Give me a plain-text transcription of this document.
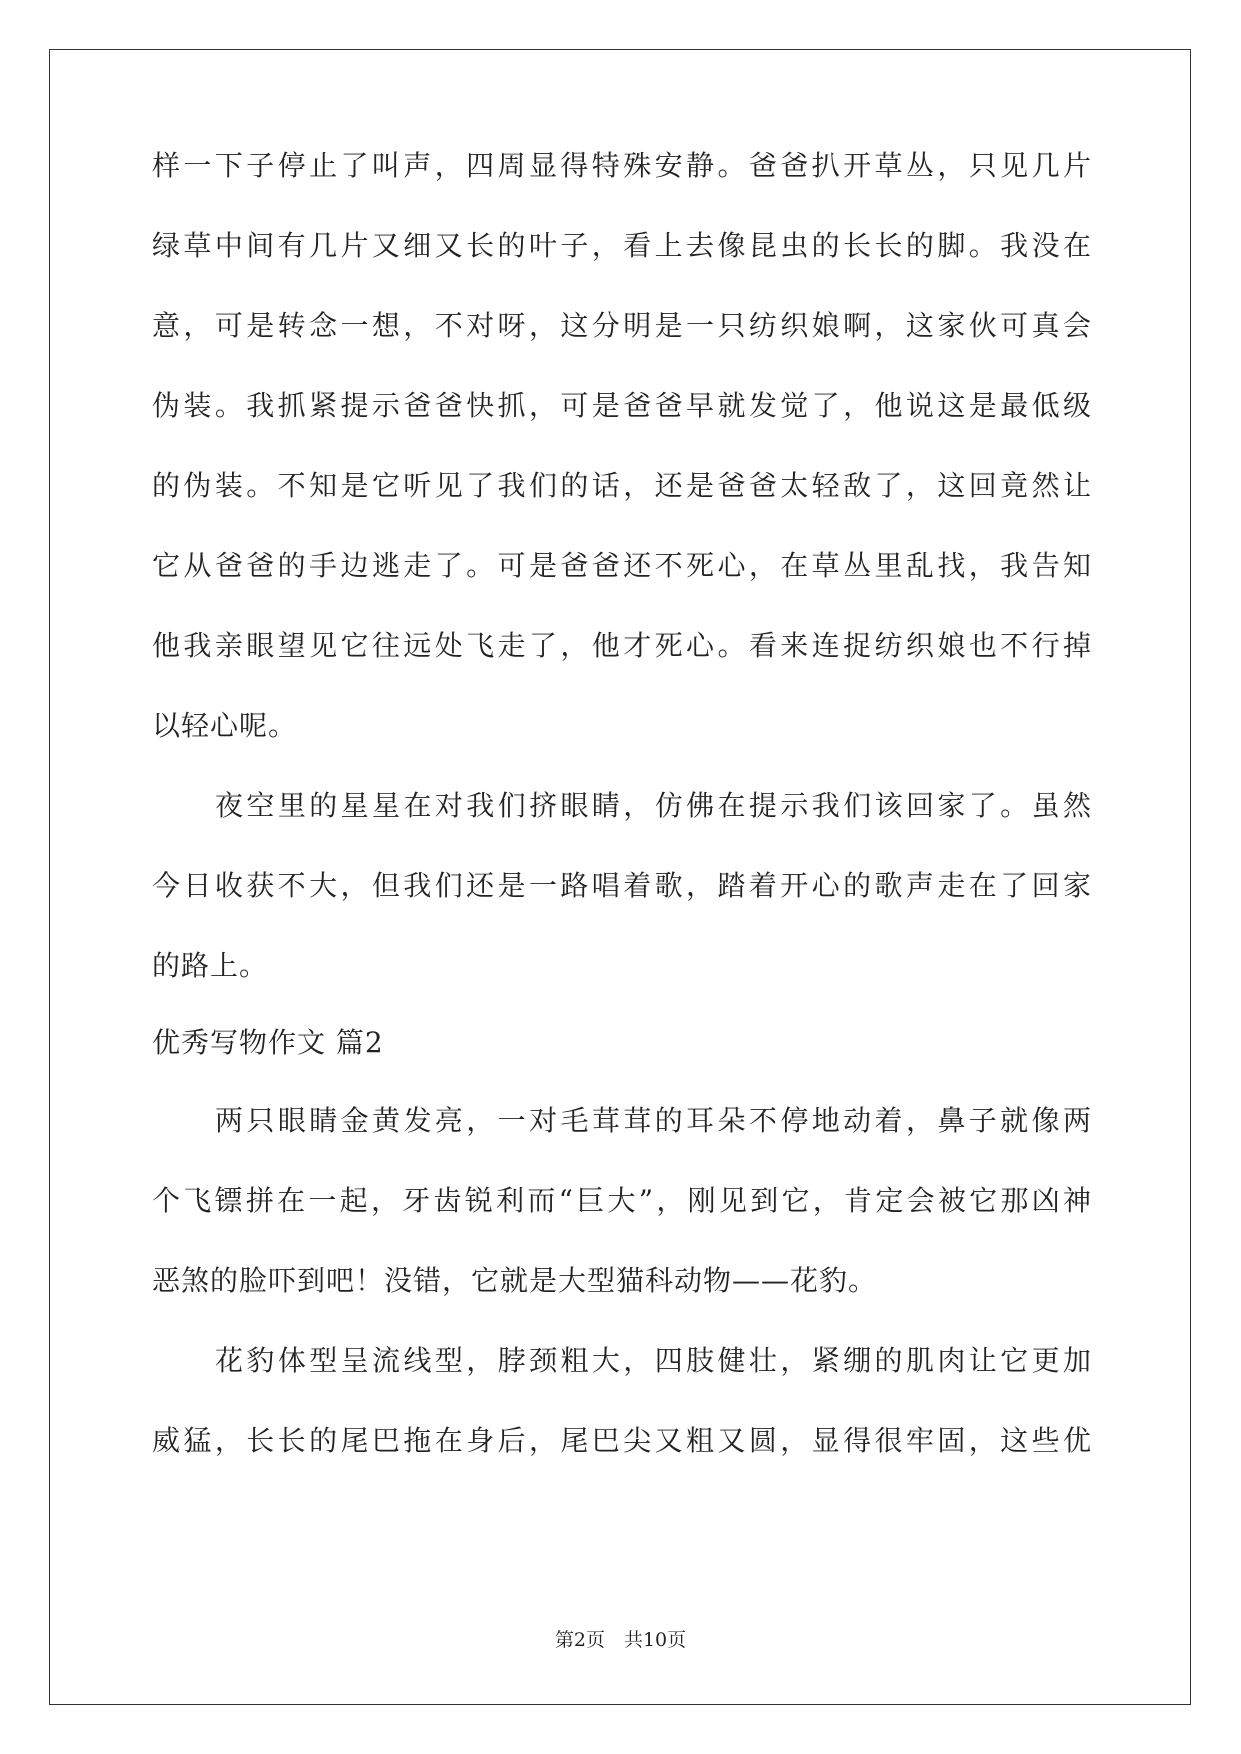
样一下子停止了叫声，四周显得特殊安静。爸爸扒开草丛，只见几片
绿草中间有几片又细又长的叶子，看上去像昆虫的长长的脚。我没在
意，可是转念一想，不对呀，这分明是一只纺织娘啊，这家伙可真会
伪装。我抓紧提示爸爸快抓，可是爸爸早就发觉了，他说这是最低级
的伪装。不知是它听见了我们的话，还是爸爸太轻敌了，这回竟然让
它从爸爸的手边逃走了。可是爸爸还不死心，在草丛里乱找，我告知
他我亲眼望见它往远处飞走了，他才死心。看来连捉纺织娘也不行掉
以轻心呢。
夜空里的星星在对我们挤眼睛，仿佛在提示我们该回家了。虽然
今日收获不大，但我们还是一路唱着歌，踏着开心的歌声走在了回家
的路上。
优秀写物作文 篇2
两只眼睛金黄发亮，一对毛茸茸的耳朵不停地动着，鼻子就像两
个飞镖拼在一起，牙齿锐利而“巨大”，刚见到它，肯定会被它那凶神
恶煞的脸吓到吧！没错，它就是大型猫科动物——花豹。
花豹体型呈流线型，脖颈粗大，四肢健壮，紧绷的肌肉让它更加
威猛，长长的尾巴拖在身后，尾巴尖又粗又圆，显得很牢固，这些优
第2页　共10页
